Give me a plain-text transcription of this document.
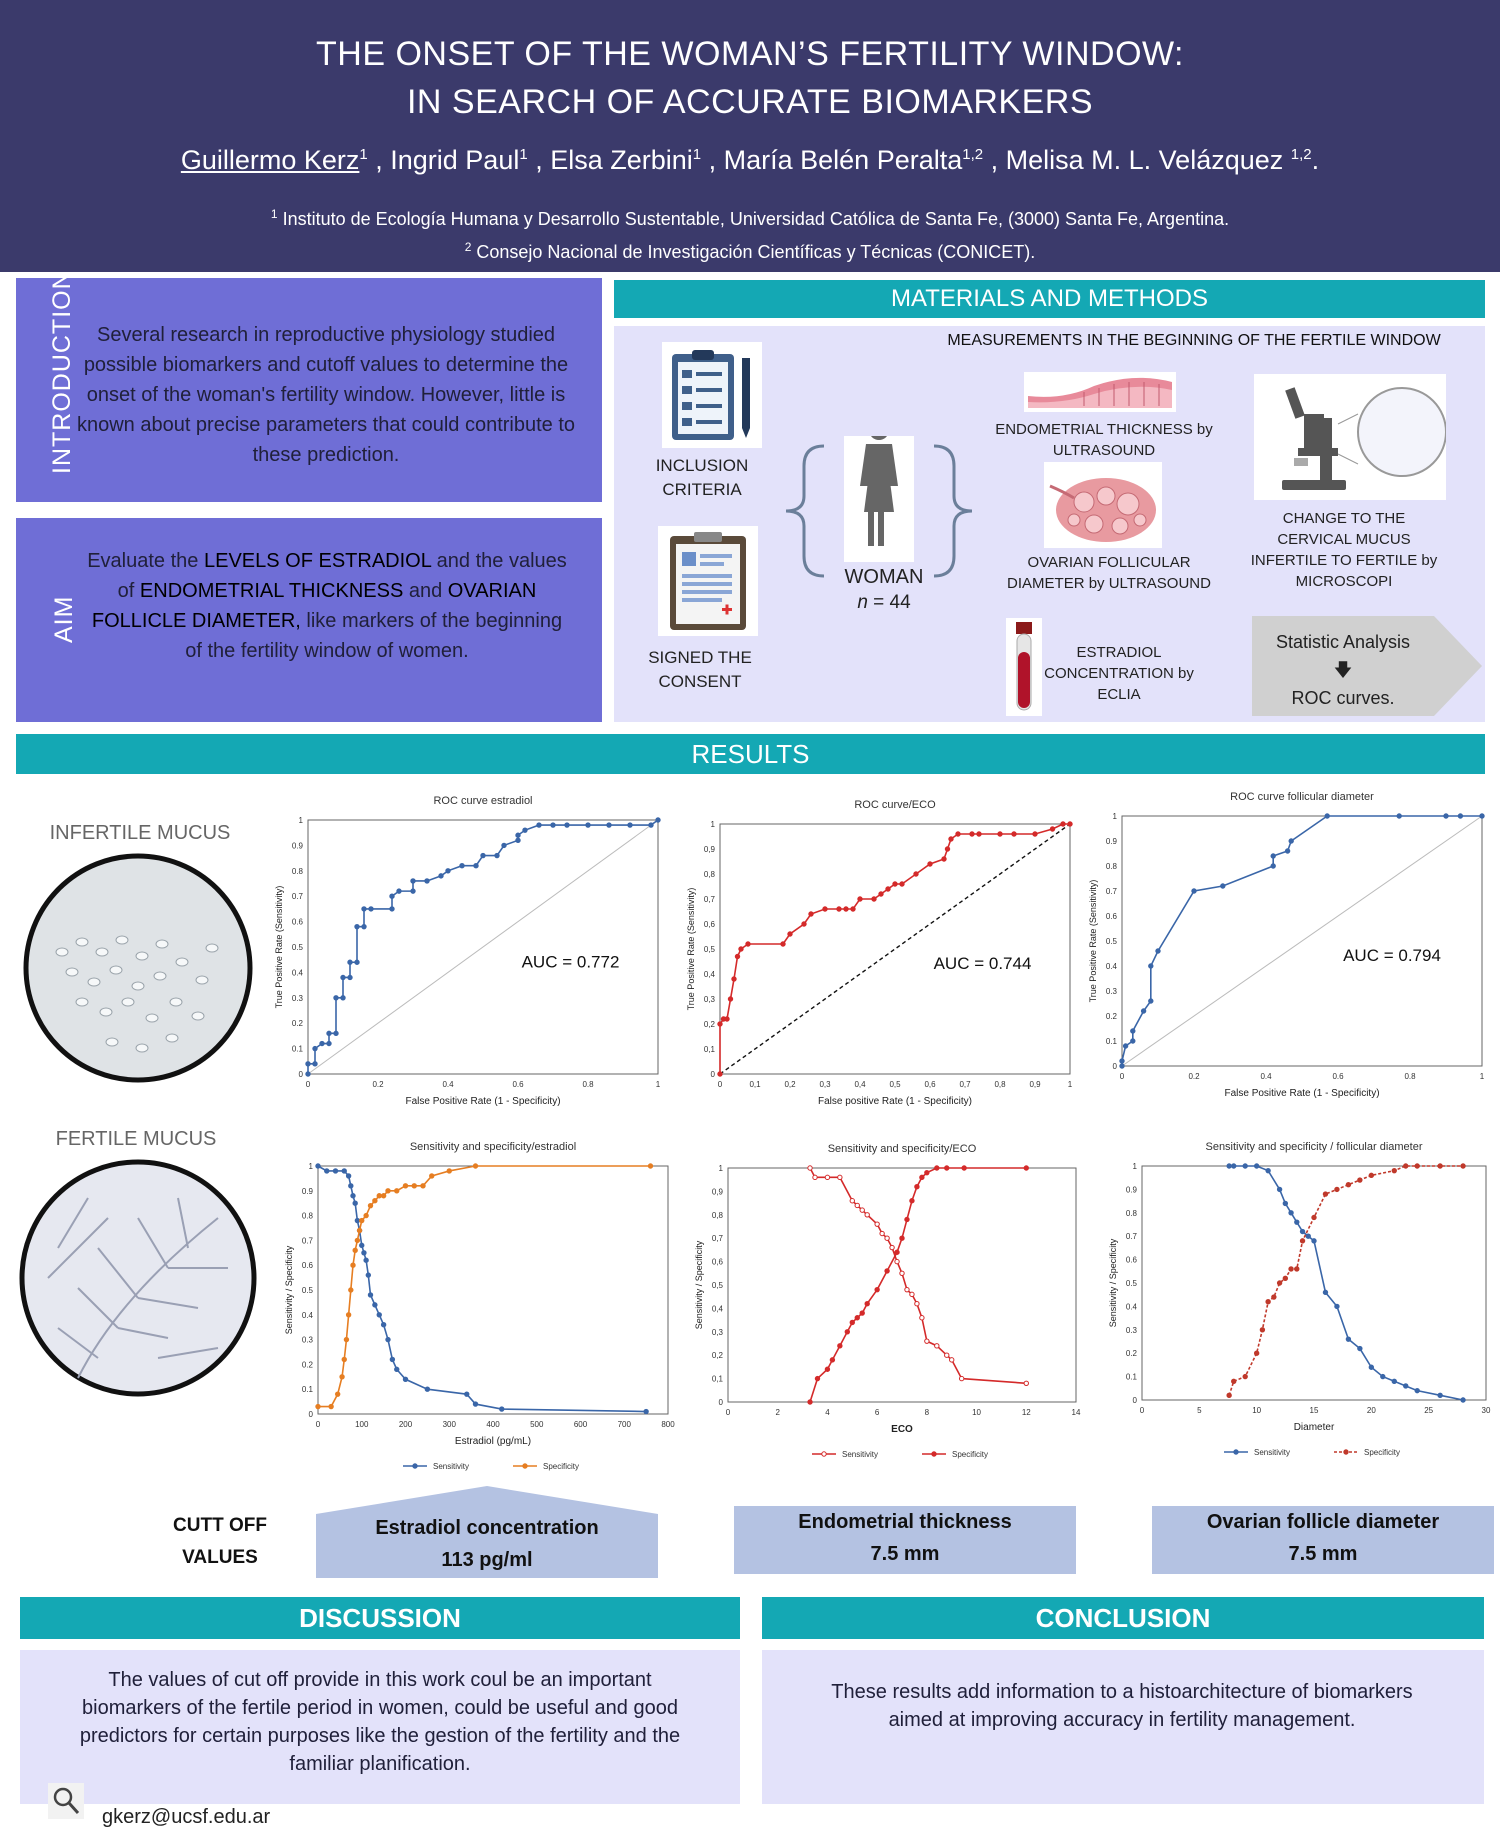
THE ONSET OF THE WOMAN’S FERTILITY WINDOW:
IN SEARCH OF ACCURATE BIOMARKERS
Guillermo Kerz$^1$ , Ingrid Paul$^1$ , Elsa Zerbini$^1$ , María Belén Peralta$^{1,2}$ , Melisa M. L. Velázquez $^{1,2}$.
$^1$ Instituto de Ecología Humana y Desarrollo Sustentable, Universidad Católica de Santa Fe, (3000) Santa Fe, Argentina.
$^2$ Consejo Nacional de Investigación Científicas y Técnicas (CONICET).
INTRODUCTION	Several research in reproductive physiology studied possible biomarkers and cutoff values to determine the onset of the woman's fertility window. However, little is known about precise parameters that could contribute to these prediction.
AIM
Evaluate the LEVELS OF ESTRADIOL and the values of ENDOMETRIAL THICKNESS and OVARIAN FOLLICLE DIAMETER, like markers of the beginning of the fertility window of women.
MATERIALS AND METHODS
MEASUREMENTS IN THE BEGINNING OF THE FERTILE WINDOW
INCLUSION CRITERIA
SIGNED THE CONSENT
WOMAN
n = 44
ENDOMETRIAL THICKNESS by ULTRASOUND
OVARIAN FOLLICULAR DIAMETER by ULTRASOUND
ESTRADIOL CONCENTRATION by ECLIA
CHANGE TO THE CERVICAL MUCUS INFERTILE TO FERTILE by MICROSCOPI
Statistic Analysis
🡇
ROC curves.
RESULTS
INFERTILE MUCUS
FERTILE MUCUS
ROC curve estradiol
0	0.2	0.4	0.6	0.8	1
0
0.1
0.2
0.3
0.4
0.5
0.6
0.7
0.8
0.9
1
False Positive Rate (1 - Specificity)
True Positive Rate (Sensitivity)	AUC = 0.772
ROC curve/ECO
0	0,1	0,2	0,3	0,4	0,5	0,6	0,7	0,8	0,9	1
0
0,1
0,2
0,3
0,4
0,5
0,6
0,7
0,8
0,9
1
False positive Rate (1 - Specificity)
True Positive Rate (Sensitivity)	AUC = 0.744
ROC curve follicular diameter
0	0.2	0.4	0.6	0.8	1
0
0.1
0.2
0.3
0.4
0.5
0.6
0.7
0.8
0.9
1
False Positive Rate (1 - Specificity)
True Positive Rate (Sensitivity)	AUC = 0.794
Sensitivity and specificity/estradiol
0	100	200	300	400	500	600	700	800
0
0.1
0.2
0.3
0.4
0.5
0.6
0.7
0.8
0.9
1
Estradiol (pg/mL)
Sensitivity / Specificity
Sensitivity	Specificity
Sensitivity and specificity/ECO
0	2	4	6	8	10	12	14
0
0,1
0,2
0,3
0,4
0,5
0,6
0,7
0,8
0,9
1
ECO
Sensitivity / Specificity
Sensitivity	Specificity
Sensitivity and specificity / follicular diameter
0	5	10	15	20	25	30
0
0.1
0.2
0.3
0.4
0.5
0.6
0.7
0.8
0.9
1
Diameter
Sensitivity / Specificity
Sensitivity	Specificity
CUTT OFF
VALUES
Estradiol concentration
113 pg/ml
Endometrial thickness
7.5 mm
Ovarian follicle diameter
7.5 mm
DISCUSSION
The values of cut off provide in this work coul be an important biomarkers of the fertile period in women, could be useful and good predictors for certain purposes like the gestion of the fertility and the familiar planification.
CONCLUSION
These results add information to a histoarchitecture of biomarkers aimed at improving accuracy in fertility management.
gkerz@ucsf.edu.ar
